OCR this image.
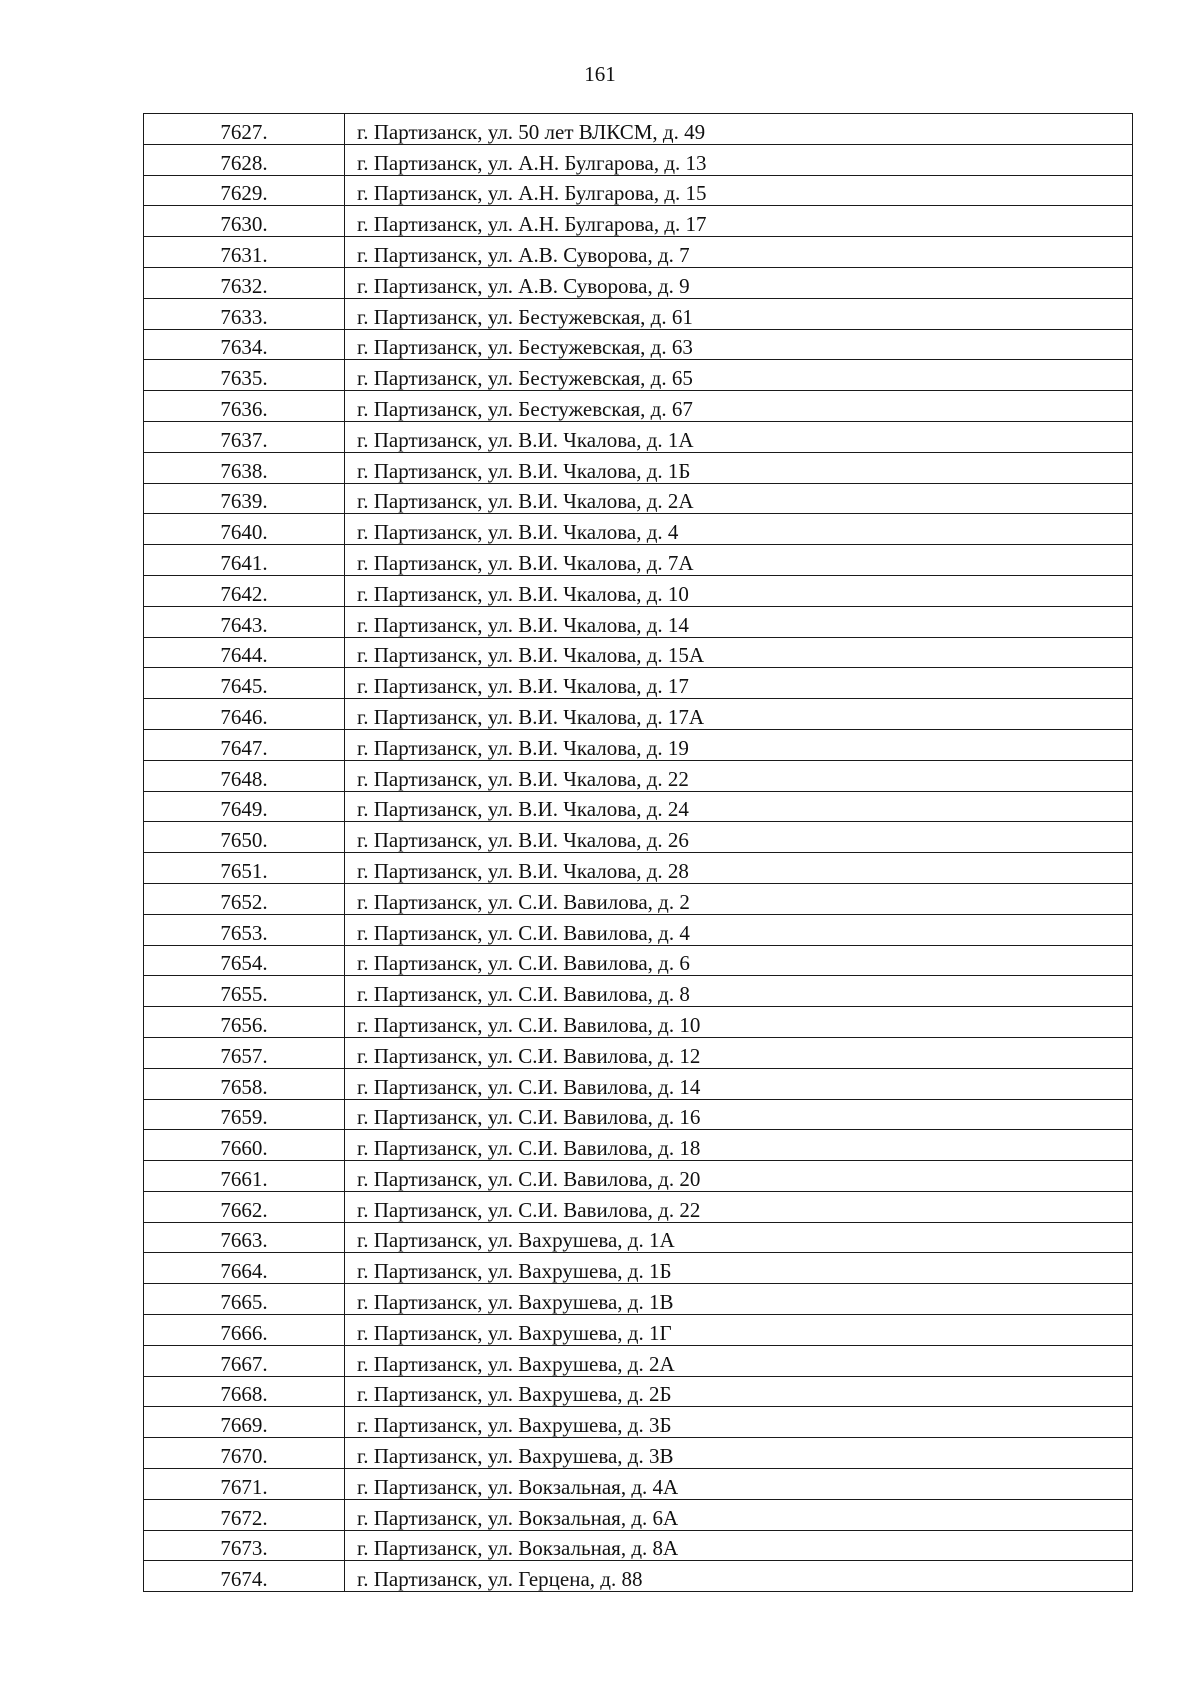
161
7627.	г. Партизанск, ул. 50 лет ВЛКСМ, д. 49
7628.	г. Партизанск, ул. А.Н. Булгарова, д. 13
7629.	г. Партизанск, ул. А.Н. Булгарова, д. 15
7630.	г. Партизанск, ул. А.Н. Булгарова, д. 17
7631.	г. Партизанск, ул. А.В. Суворова, д. 7
7632.	г. Партизанск, ул. А.В. Суворова, д. 9
7633.	г. Партизанск, ул. Бестужевская, д. 61
7634.	г. Партизанск, ул. Бестужевская, д. 63
7635.	г. Партизанск, ул. Бестужевская, д. 65
7636.	г. Партизанск, ул. Бестужевская, д. 67
7637.	г. Партизанск, ул. В.И. Чкалова, д. 1А
7638.	г. Партизанск, ул. В.И. Чкалова, д. 1Б
7639.	г. Партизанск, ул. В.И. Чкалова, д. 2А
7640.	г. Партизанск, ул. В.И. Чкалова, д. 4
7641.	г. Партизанск, ул. В.И. Чкалова, д. 7А
7642.	г. Партизанск, ул. В.И. Чкалова, д. 10
7643.	г. Партизанск, ул. В.И. Чкалова, д. 14
7644.	г. Партизанск, ул. В.И. Чкалова, д. 15А
7645.	г. Партизанск, ул. В.И. Чкалова, д. 17
7646.	г. Партизанск, ул. В.И. Чкалова, д. 17А
7647.	г. Партизанск, ул. В.И. Чкалова, д. 19
7648.	г. Партизанск, ул. В.И. Чкалова, д. 22
7649.	г. Партизанск, ул. В.И. Чкалова, д. 24
7650.	г. Партизанск, ул. В.И. Чкалова, д. 26
7651.	г. Партизанск, ул. В.И. Чкалова, д. 28
7652.	г. Партизанск, ул. С.И. Вавилова, д. 2
7653.	г. Партизанск, ул. С.И. Вавилова, д. 4
7654.	г. Партизанск, ул. С.И. Вавилова, д. 6
7655.	г. Партизанск, ул. С.И. Вавилова, д. 8
7656.	г. Партизанск, ул. С.И. Вавилова, д. 10
7657.	г. Партизанск, ул. С.И. Вавилова, д. 12
7658.	г. Партизанск, ул. С.И. Вавилова, д. 14
7659.	г. Партизанск, ул. С.И. Вавилова, д. 16
7660.	г. Партизанск, ул. С.И. Вавилова, д. 18
7661.	г. Партизанск, ул. С.И. Вавилова, д. 20
7662.	г. Партизанск, ул. С.И. Вавилова, д. 22
7663.	г. Партизанск, ул. Вахрушева, д. 1А
7664.	г. Партизанск, ул. Вахрушева, д. 1Б
7665.	г. Партизанск, ул. Вахрушева, д. 1В
7666.	г. Партизанск, ул. Вахрушева, д. 1Г
7667.	г. Партизанск, ул. Вахрушева, д. 2А
7668.	г. Партизанск, ул. Вахрушева, д. 2Б
7669.	г. Партизанск, ул. Вахрушева, д. 3Б
7670.	г. Партизанск, ул. Вахрушева, д. 3В
7671.	г. Партизанск, ул. Вокзальная, д. 4А
7672.	г. Партизанск, ул. Вокзальная, д. 6А
7673.	г. Партизанск, ул. Вокзальная, д. 8А
7674.	г. Партизанск, ул. Герцена, д. 88
